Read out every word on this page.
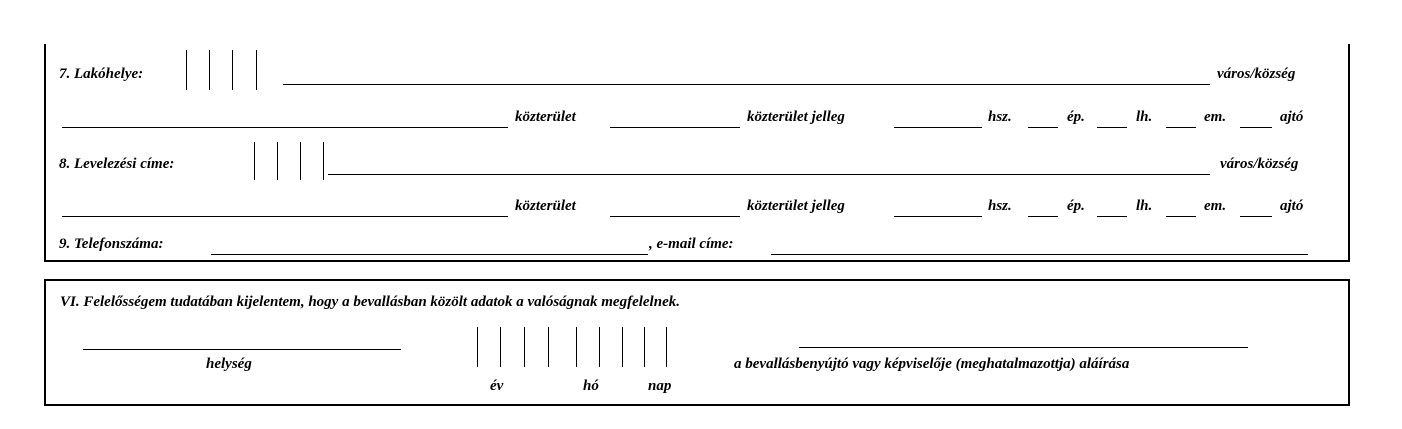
7. Lakóhelye:	város/község
közterület	közterület jelleg	hsz.	ép.	lh.	em.	ajtó
8. Levelezési címe:	város/község
közterület	közterület jelleg	hsz.	ép.	lh.	em.	ajtó
9. Telefonszáma:	, e-mail címe:
VI. Felelősségem tudatában kijelentem, hogy a bevallásban közölt adatok a valóságnak megfelelnek.
helység
év	hó	nap
a bevallásbenyújtó vagy képviselője (meghatalmazottja) aláírása
